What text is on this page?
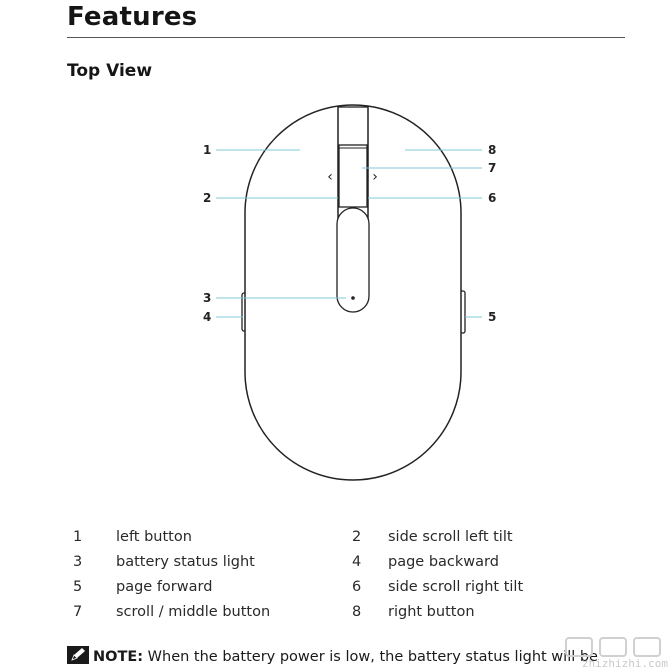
Features
Top View
‹	›
1
2
3
4	5
6
7
8
1	left button	2	side scroll left tilt
3	battery status light	4	page backward
5	page forward	6	side scroll right tilt
7	scroll / middle button	8	right button
NOTE: When the battery power is low, the battery status light will be
zhizhizhi.com
